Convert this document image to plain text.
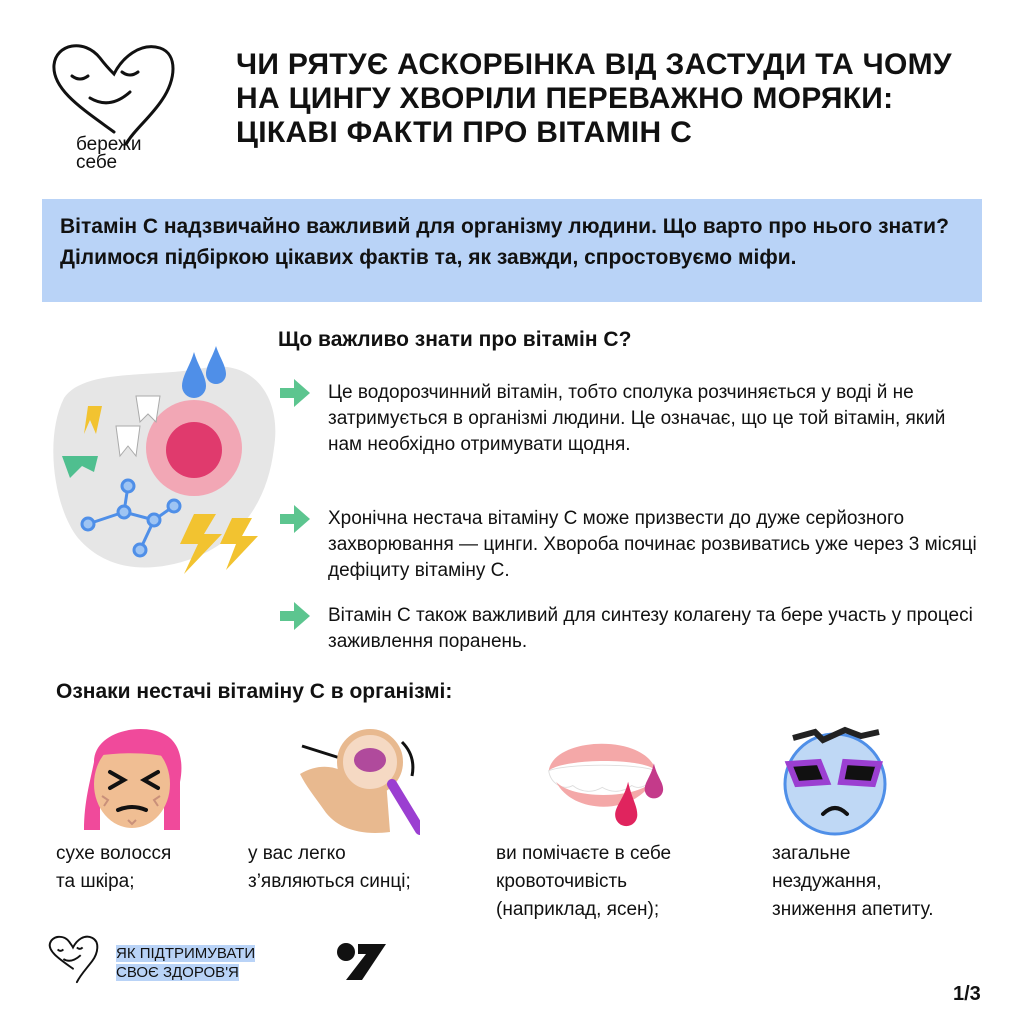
бережи
себе
ЧИ РЯТУЄ АСКОРБІНКА ВІД ЗАСТУДИ ТА ЧОМУ НА ЦИНГУ ХВОРІЛИ ПЕРЕВАЖНО МОРЯКИ: ЦІКАВІ ФАКТИ ПРО ВІТАМІН С
Вітамін С надзвичайно важливий для організму людини. Що варто про нього знати? Ділимося підбіркою цікавих фактів та, як завжди, спростовуємо міфи.
Що важливо знати про вітамін С?
Це водорозчинний вітамін, тобто сполука розчиняється у воді й не затримується в організмі людини. Це означає, що це той вітамін, який нам необхідно отримувати щодня.
Хронічна нестача вітаміну С може призвести до дуже серйозного захворювання — цинги. Хвороба починає розвиватись уже через 3 місяці дефіциту вітаміну С.
Вітамін С також важливий для синтезу колагену та бере участь у процесі заживлення поранень.
Ознаки нестачі вітаміну С в організмі:
сухе волосся
та шкіра;
у вас легко
з’являються синці;
ви помічаєте в себе
кровоточивість
(наприклад, ясен);
загальне
нездужання,
зниження апетиту.
ЯК ПІДТРИМУВАТИ
СВОЄ ЗДОРОВ'Я
1/3
